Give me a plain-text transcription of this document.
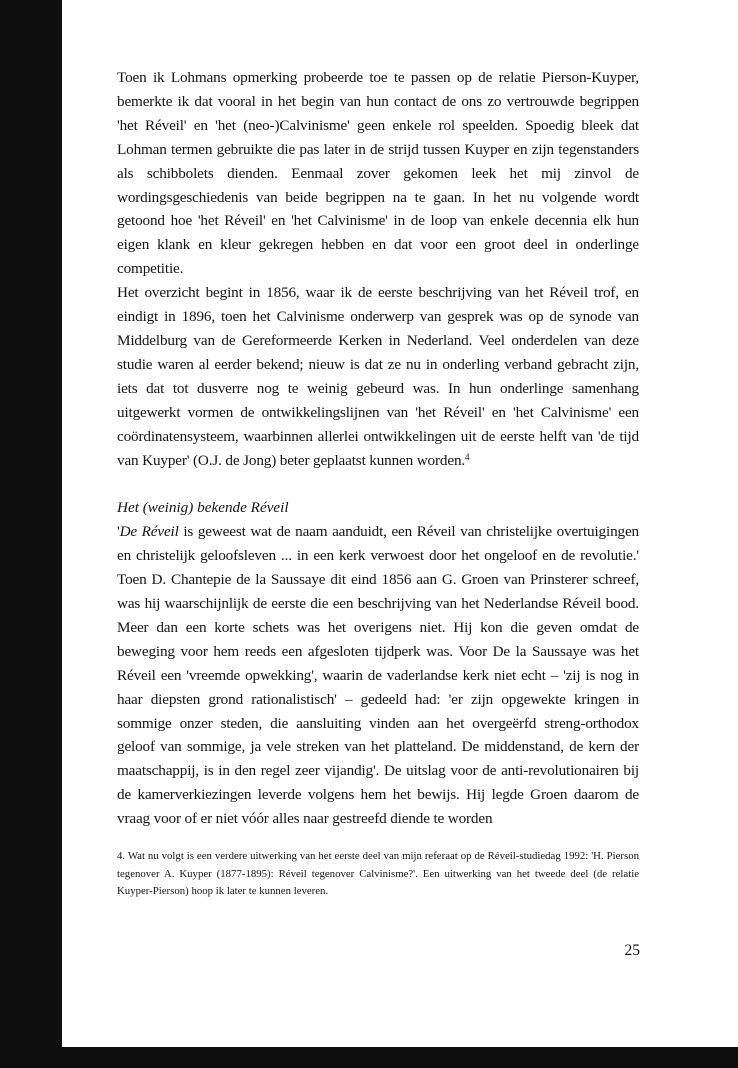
Toen ik Lohmans opmerking probeerde toe te passen op de relatie Pierson-Kuyper, bemerkte ik dat vooral in het begin van hun contact de ons zo vertrouwde begrippen 'het Réveil' en 'het (neo-)Calvinisme' geen enkele rol speelden. Spoedig bleek dat Lohman termen gebruikte die pas later in de strijd tussen Kuyper en zijn tegenstanders als schibbolets dienden. Eenmaal zover gekomen leek het mij zinvol de wordingsgeschiedenis van beide begrippen na te gaan. In het nu volgende wordt getoond hoe 'het Réveil' en 'het Calvinisme' in de loop van enkele decennia elk hun eigen klank en kleur gekregen hebben en dat voor een groot deel in onderlinge competitie.

Het overzicht begint in 1856, waar ik de eerste beschrijving van het Réveil trof, en eindigt in 1896, toen het Calvinisme onderwerp van gesprek was op de synode van Middelburg van de Gereformeerde Kerken in Nederland. Veel onderdelen van deze studie waren al eerder bekend; nieuw is dat ze nu in onderling verband gebracht zijn, iets dat tot dusverre nog te weinig gebeurd was. In hun onderlinge samenhang uitgewerkt vormen de ontwikkelingslijnen van 'het Réveil' en 'het Calvinisme' een coördinatensysteem, waarbinnen allerlei ontwikkelingen uit de eerste helft van 'de tijd van Kuyper' (O.J. de Jong) beter geplaatst kunnen worden.$^4$

Het (weinig) bekende Réveil

'De Réveil is geweest wat de naam aanduidt, een Réveil van christelijke overtuigingen en christelijk geloofsleven ... in een kerk verwoest door het ongeloof en de revolutie.' Toen D. Chantepie de la Saussaye dit eind 1856 aan G. Groen van Prinsterer schreef, was hij waarschijnlijk de eerste die een beschrijving van het Nederlandse Réveil bood. Meer dan een korte schets was het overigens niet. Hij kon die geven omdat de beweging voor hem reeds een afgesloten tijdperk was. Voor De la Saussaye was het Réveil een 'vreemde opwekking', waarin de vaderlandse kerk niet echt – 'zij is nog in haar diepsten grond rationalistisch' – gedeeld had: 'er zijn opgewekte kringen in sommige onzer steden, die aansluiting vinden aan het overgeërfd streng-orthodox geloof van sommige, ja vele streken van het platteland. De middenstand, de kern der maatschappij, is in den regel zeer vijandig'. De uitslag voor de anti-revolutionairen bij de kamerverkiezingen leverde volgens hem het bewijs. Hij legde Groen daarom de vraag voor of er niet vóór alles naar gestreefd diende te worden

4. Wat nu volgt is een verdere uitwerking van het eerste deel van mijn referaat op de Réveil-studiedag 1992: 'H. Pierson tegenover A. Kuyper (1877-1895): Réveil tegenover Calvinisme?'. Een uitwerking van het tweede deel (de relatie Kuyper-Pierson) hoop ik later te kunnen leveren.
25
